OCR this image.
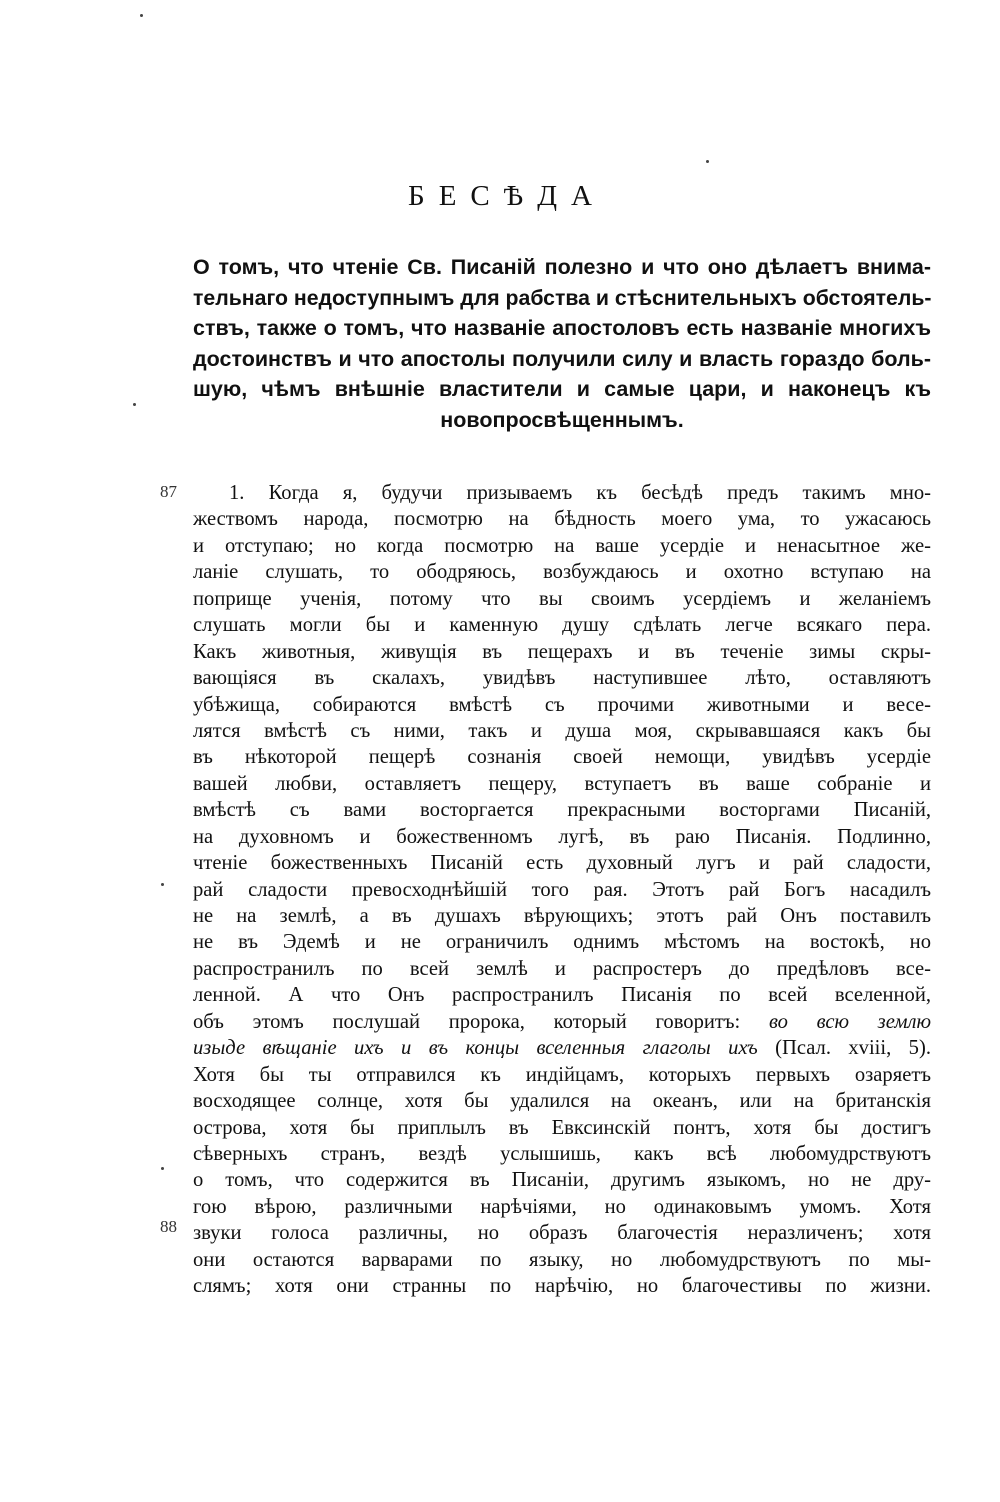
БЕСѢДА
О томъ, что чтеніе Св. Писаній полезно и что оно дѣлаетъ внима-
тельнаго недоступнымъ для рабства и стѣснительныхъ обстоятель-
ствъ, также о томъ, что названіе апостоловъ есть названіе многихъ
достоинствъ и что апостолы получили силу и власть гораздо боль-
шую, чѣмъ внѣшніе властители и самые цари, и наконецъ къ
новопросвѣщеннымъ.
87
88
1. Когда я, будучи призываемъ къ бесѣдѣ предъ такимъ мно-
жествомъ народа, посмотрю на бѣдность моего ума, то ужасаюсь
и отступаю; но когда посмотрю на ваше усердіе и ненасытное же-
ланіе слушать, то ободряюсь, возбуждаюсь и охотно вступаю на
поприще ученія, потому что вы своимъ усердіемъ и желаніемъ
слушать могли бы и каменную душу сдѣлать легче всякаго пера.
Какъ животныя, живущія въ пещерахъ и въ теченіе зимы скры-
вающіяся въ скалахъ, увидѣвъ наступившее лѣто, оставляютъ
убѣжища, собираются вмѣстѣ съ прочими животными и весе-
лятся вмѣстѣ съ ними, такъ и душа моя, скрывавшаяся какъ бы
въ нѣкоторой пещерѣ сознанія своей немощи, увидѣвъ усердіе
вашей любви, оставляетъ пещеру, вступаетъ въ ваше собраніе и
вмѣстѣ съ вами восторгается прекрасными восторгами Писаній,
на духовномъ и божественномъ лугѣ, въ раю Писанія. Подлинно,
чтеніе божественныхъ Писаній есть духовный лугъ и рай сладости,
рай сладости превосходнѣйшій того рая. Этотъ рай Богъ насадилъ
не на землѣ, а въ душахъ вѣрующихъ; этотъ рай Онъ поставилъ
не въ Эдемѣ и не ограничилъ однимъ мѣстомъ на востокѣ, но
распространилъ по всей землѣ и распростеръ до предѣловъ все-
ленной. А что Онъ распространилъ Писанія по всей вселенной,
объ этомъ послушай пророка, который говоритъ: во всю землю
изыде вѣщаніе ихъ и въ концы вселенныя глаголы ихъ (Псал. xviii, 5).
Хотя бы ты отправился къ индійцамъ, которыхъ первыхъ озаряетъ
восходящее солнце, хотя бы удалился на океанъ, или на британскія
острова, хотя бы приплылъ въ Евксинскій понтъ, хотя бы достигъ
сѣверныхъ странъ, вездѣ услышишь, какъ всѣ любомудрствуютъ
о томъ, что содержится въ Писаніи, другимъ языкомъ, но не дру-
гою вѣрою, различными нарѣчіями, но одинаковымъ умомъ. Хотя
звуки голоса различны, но образъ благочестія неразличенъ; хотя
они остаются варварами по языку, но любомудрствуютъ по мы-
слямъ; хотя они странны по нарѣчію, но благочестивы по жизни.
